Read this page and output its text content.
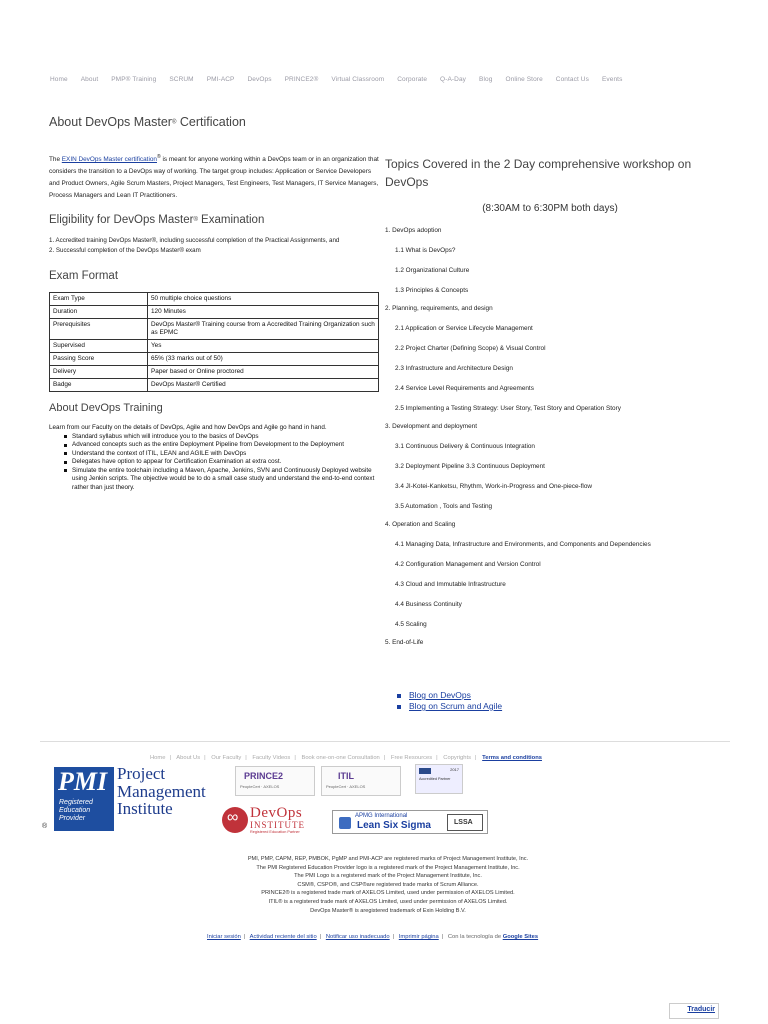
Home About PMP® Training SCRUM PMI-ACP DevOps PRINCE2® Virtual Classroom Corporate Q-A-Day Blog Online Store Contact Us Events
About DevOps Master® Certification

The EXIN DevOps Master certification® is meant for anyone working within a DevOps team or in an organization that considers the transition to a DevOps way of working. The target group includes: Application or Service Developers and Product Owners, Agile Scrum Masters, Project Managers, Test Engineers, Test Managers, IT Service Managers, Process Managers and Lean IT Practitioners.

Eligibility for DevOps Master® Examination
1. Accredited training DevOps Master®, including successful completion of the Practical Assignments, and
2. Successful completion of the DevOps Master® exam
Exam Format
Exam Type	50 multiple choice questions
Duration	120 Minutes
Prerequisites	DevOps Master® Training course from a Accredited Training Organization such as EPMC
Supervised	Yes
Passing Score	65% (33 marks out of 50)
Delivery	Paper based or Online proctored
Badge	DevOps Master® Certified
About DevOps Training

Learn from our Faculty on the details of DevOps, Agile and how DevOps and Agile go hand in hand.

Standard syllabus which will introduce you to the basics of DevOps
Advanced concepts such as the entire Deployment Pipeline from Development to the Deployment
Understand the context of ITIL, LEAN and AGILE with DevOps
Delegates have option to appear for Certification Examination at extra cost.
Simulate the entire toolchain including a Maven, Apache, Jenkins, SVN and Continuously Deployed website using Jenkin scripts. The objective would be to do a small case study and understand the end-to-end context rather than just theory.
Topics Covered in the 2 Day comprehensive workshop on DevOps
(8:30AM to 6:30PM both days)
1. DevOps adoption
1.1 What is DevOps?
1.2 Organizational Culture
1.3 Principles & Concepts
2. Planning, requirements, and design
2.1 Application or Service Lifecycle Management
2.2 Project Charter (Defining Scope) & Visual Control
2.3 Infrastructure and Architecture Design
2.4 Service Level Requirements and Agreements
2.5 Implementing a Testing Strategy: User Story, Test Story and Operation Story
3. Development and deployment
3.1 Continuous Delivery & Continuous Integration
3.2 Deployment Pipeline 3.3 Continuous Deployment
3.4 JI-Kotei-Kanketsu, Rhythm, Work-in-Progress and One-piece-flow
3.5 Automation , Tools and Testing
4. Operation and Scaling
4.1 Managing Data, Infrastructure and Environments, and Components and Dependencies
4.2 Configuration Management and Version Control
4.3 Cloud and Immutable Infrastructure
4.4 Business Continuity
4.5 Scaling
5. End-of-Life
Blog on DevOps
Blog on Scrum and Agile
Home | About Us | Our Faculty | Faculty Videos | Book one-on-one Consultation | Free Resources | Copyrights | Terms and conditions
PMI
Registered Education Provider
Project
Management
Institute
®
PRINCE2
PeopleCert · AXELOS
ITIL
PeopleCert · AXELOS
2017
Accredited Partner
∞
DevOps
INSTITUTE
Registered Education Partner
APMG International
Lean Six Sigma	LSSA
PMI, PMP, CAPM, REP, PMBOK, PgMP and PMI-ACP are registered marks of Project Management Institute, Inc.
The PMI Registered Education Provider logo is a registered mark of the Project Management Institute, Inc.
The PMI Logo is a registered mark of the Project Management Institute, Inc.
CSM®, CSPO®, and CSP®are registered trade marks of Scrum Alliance.
PRINCE2® is a registered trade mark of AXELOS Limited, used under permission of AXELOS Limited.
ITIL® is a registered trade mark of AXELOS Limited, used under permission of AXELOS Limited.
DevOps Master® is aregistered trademark of Exin Holding B.V.
Iniciar sesión | Actividad reciente del sitio | Notificar uso inadecuado | Imprimir página | Con la tecnología de Google Sites
Traducir
